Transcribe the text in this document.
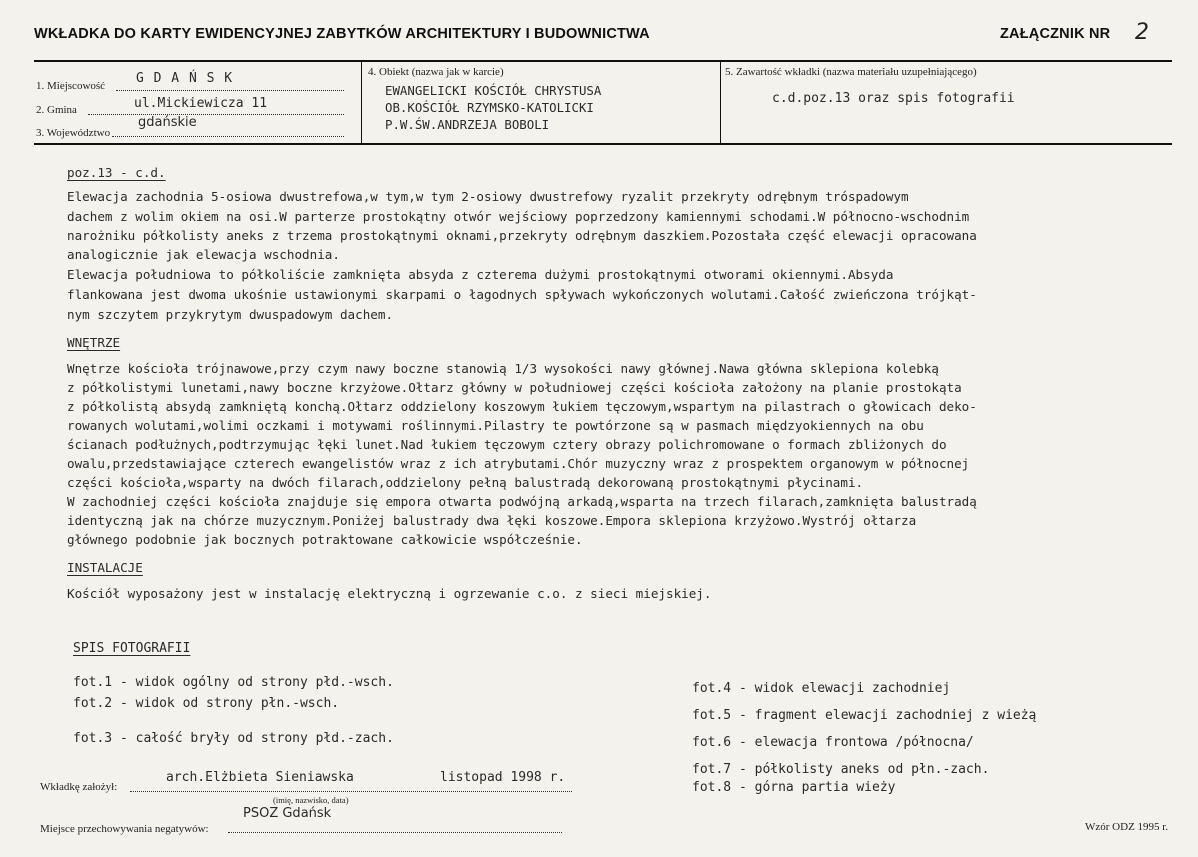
WKŁADKA DO KARTY EWIDENCYJNEJ ZABYTKÓW ARCHITEKTURY I BUDOWNICTWA	ZAŁĄCZNIK NR 2
1. Miejscowość G D A Ń S K
2. Gmina	ul.Mickiewicza 11
3. Województwo
gdańskie
4. Obiekt (nazwa jak w karcie)
EWANGELICKI KOŚCIÓŁ CHRYSTUSA
OB.KOŚCIÓŁ RZYMSKO-KATOLICKI
P.W.ŚW.ANDRZEJA BOBOLI
5. Zawartość wkładki (nazwa materiału uzupełniającego)
c.d.poz.13 oraz spis fotografii
poz.13 - c.d.
Elewacja zachodnia 5-osiowa dwustrefowa,w tym,w tym 2-osiowy dwustrefowy ryzalit przekryty odrębnym tróspadowym
dachem z wolim okiem na osi.W parterze prostokątny otwór wejściowy poprzedzony kamiennymi schodami.W północno-wschodnim
narożniku półkolisty aneks z trzema prostokątnymi oknami,przekryty odrębnym daszkiem.Pozostała część elewacji opracowana
analogicznie jak elewacja wschodnia.
Elewacja południowa to półkoliście zamknięta absyda z czterema dużymi prostokątnymi otworami okiennymi.Absyda
flankowana jest dwoma ukośnie ustawionymi skarpami o łagodnych spływach wykończonych wolutami.Całość zwieńczona trójkąt-
nym szczytem przykrytym dwuspadowym dachem.
WNĘTRZE
Wnętrze kościoła trójnawowe,przy czym nawy boczne stanowią 1/3 wysokości nawy głównej.Nawa główna sklepiona kolebką
z półkolistymi lunetami,nawy boczne krzyżowe.Ołtarz główny w południowej części kościoła założony na planie prostokąta
z półkolistą absydą zamkniętą konchą.Ołtarz oddzielony koszowym łukiem tęczowym,wspartym na pilastrach o głowicach deko-
rowanych wolutami,wolimi oczkami i motywami roślinnymi.Pilastry te powtórzone są w pasmach międzyokiennych na obu
ścianach podłużnych,podtrzymując łęki lunet.Nad łukiem tęczowym cztery obrazy polichromowane o formach zbliżonych do
owalu,przedstawiające czterech ewangelistów wraz z ich atrybutami.Chór muzyczny wraz z prospektem organowym w północnej
części kościoła,wsparty na dwóch filarach,oddzielony pełną balustradą dekorowaną prostokątnymi płycinami.
W zachodniej części kościoła znajduje się empora otwarta podwójną arkadą,wsparta na trzech filarach,zamknięta balustradą
identyczną jak na chórze muzycznym.Poniżej balustrady dwa łęki koszowe.Empora sklepiona krzyżowo.Wystrój ołtarza
głównego podobnie jak bocznych potraktowane całkowicie współcześnie.
INSTALACJE
Kościół wyposażony jest w instalację elektryczną i ogrzewanie c.o. z sieci miejskiej.
SPIS FOTOGRAFII
fot.1 - widok ogólny od strony płd.-wsch.
fot.2 - widok od strony płn.-wsch.
fot.3 - całość bryły od strony płd.-zach.
fot.4 - widok elewacji zachodniej
fot.5 - fragment elewacji zachodniej z wieżą
fot.6 - elewacja frontowa /północna/
fot.7 - półkolisty aneks od płn.-zach.
fot.8 - górna partia wieży
Wkładkę założył:
arch.Elżbieta Sieniawska	listopad 1998 r.
(imię, nazwisko, data)
Miejsce przechowywania negatywów:
PSOZ Gdańsk
Wzór ODZ 1995 r.
